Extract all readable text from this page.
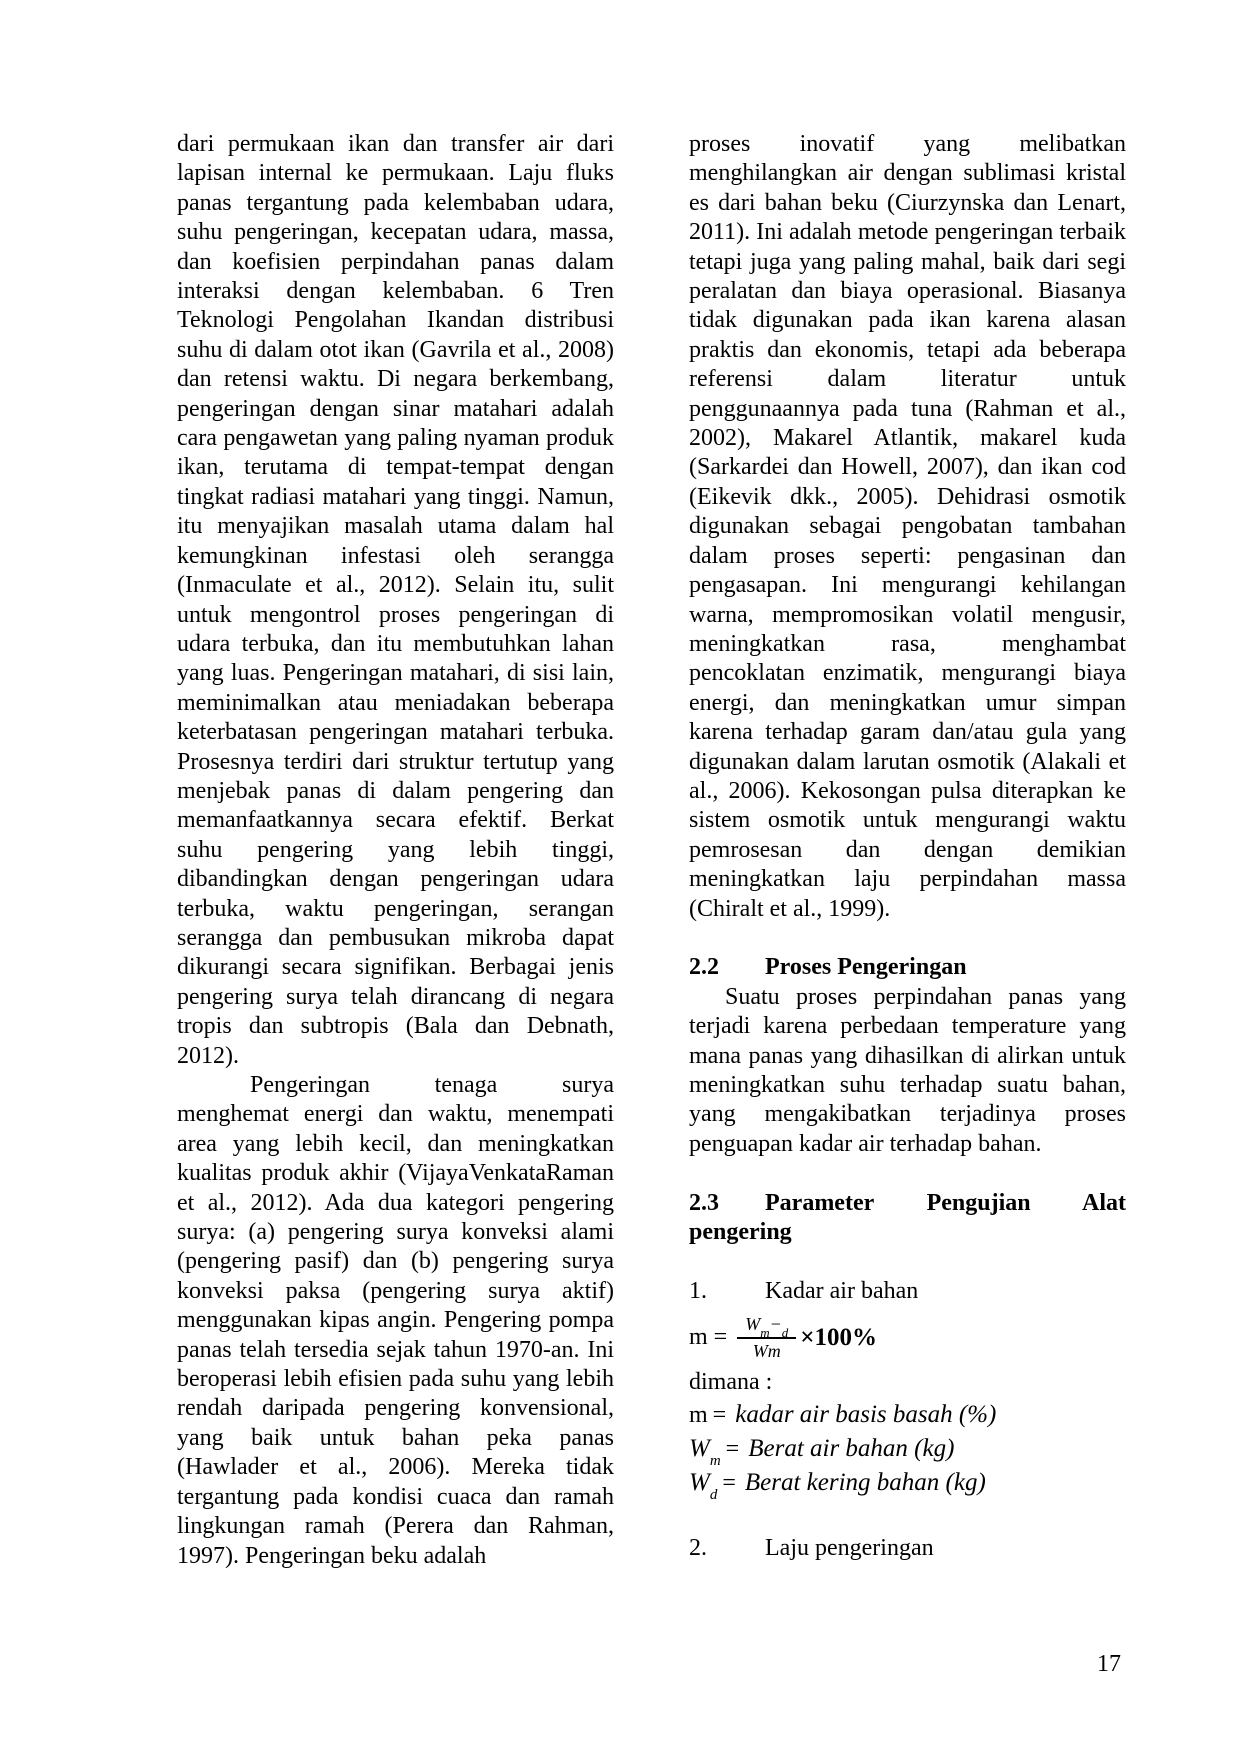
dari permukaan ikan dan transfer air dari lapisan internal ke permukaan. Laju fluks panas tergantung pada kelembaban udara, suhu pengeringan, kecepatan udara, massa, dan koefisien perpindahan panas dalam interaksi dengan kelembaban. 6 Tren Teknologi Pengolahan Ikandan distribusi suhu di dalam otot ikan (Gavrila et al., 2008) dan retensi waktu. Di negara berkembang, pengeringan dengan sinar matahari adalah cara pengawetan yang paling nyaman produk ikan, terutama di tempat-tempat dengan tingkat radiasi matahari yang tinggi. Namun, itu menyajikan masalah utama dalam hal kemungkinan infestasi oleh serangga (Inmaculate et al., 2012). Selain itu, sulit untuk mengontrol proses pengeringan di udara terbuka, dan itu membutuhkan lahan yang luas. Pengeringan matahari, di sisi lain, meminimalkan atau meniadakan beberapa keterbatasan pengeringan matahari terbuka. Prosesnya terdiri dari struktur tertutup yang menjebak panas di dalam pengering dan memanfaatkannya secara efektif. Berkat suhu pengering yang lebih tinggi, dibandingkan dengan pengeringan udara terbuka, waktu pengeringan, serangan serangga dan pembusukan mikroba dapat dikurangi secara signifikan. Berbagai jenis pengering surya telah dirancang di negara tropis dan subtropis (Bala dan Debnath, 2012).

Pengeringan tenaga surya menghemat energi dan waktu, menempati area yang lebih kecil, dan meningkatkan kualitas produk akhir (VijayaVenkataRaman et al., 2012). Ada dua kategori pengering surya: (a) pengering surya konveksi alami (pengering pasif) dan (b) pengering surya konveksi paksa (pengering surya aktif) menggunakan kipas angin. Pengering pompa panas telah tersedia sejak tahun 1970-an. Ini beroperasi lebih efisien pada suhu yang lebih rendah daripada pengering konvensional, yang baik untuk bahan peka panas (Hawlader et al., 2006). Mereka tidak tergantung pada kondisi cuaca dan ramah lingkungan ramah (Perera dan Rahman, 1997). Pengeringan beku adalah

proses inovatif yang melibatkan menghilangkan air dengan sublimasi kristal es dari bahan beku (Ciurzynska dan Lenart, 2011). Ini adalah metode pengeringan terbaik tetapi juga yang paling mahal, baik dari segi peralatan dan biaya operasional. Biasanya tidak digunakan pada ikan karena alasan praktis dan ekonomis, tetapi ada beberapa referensi dalam literatur untuk penggunaannya pada tuna (Rahman et al., 2002), Makarel Atlantik, makarel kuda (Sarkardei dan Howell, 2007), dan ikan cod (Eikevik dkk., 2005). Dehidrasi osmotik digunakan sebagai pengobatan tambahan dalam proses seperti: pengasinan dan pengasapan. Ini mengurangi kehilangan warna, mempromosikan volatil mengusir, meningkatkan rasa, menghambat pencoklatan enzimatik, mengurangi biaya energi, dan meningkatkan umur simpan karena terhadap garam dan/atau gula yang digunakan dalam larutan osmotik (Alakali et al., 2006). Kekosongan pulsa diterapkan ke sistem osmotik untuk mengurangi waktu pemrosesan dan dengan demikian meningkatkan laju perpindahan massa (Chiralt et al., 1999).

2.2 Proses Pengeringan

Suatu proses perpindahan panas yang terjadi karena perbedaan temperature yang mana panas yang dihasilkan di alirkan untuk meningkatkan suhu terhadap suatu bahan, yang mengakibatkan terjadinya proses penguapan kadar air terhadap bahan.

2.3 Parameter Pengujian Alat pengering
1. Kadar air bahan
$m = \frac{W_m-_d}{Wm} \times 100\%$

dimana :

m = kadar air basis basah (%)
$W_m$ = Berat air bahan (kg)
$W_d$ = Berat kering bahan (kg)
2. Laju pengeringan
17
